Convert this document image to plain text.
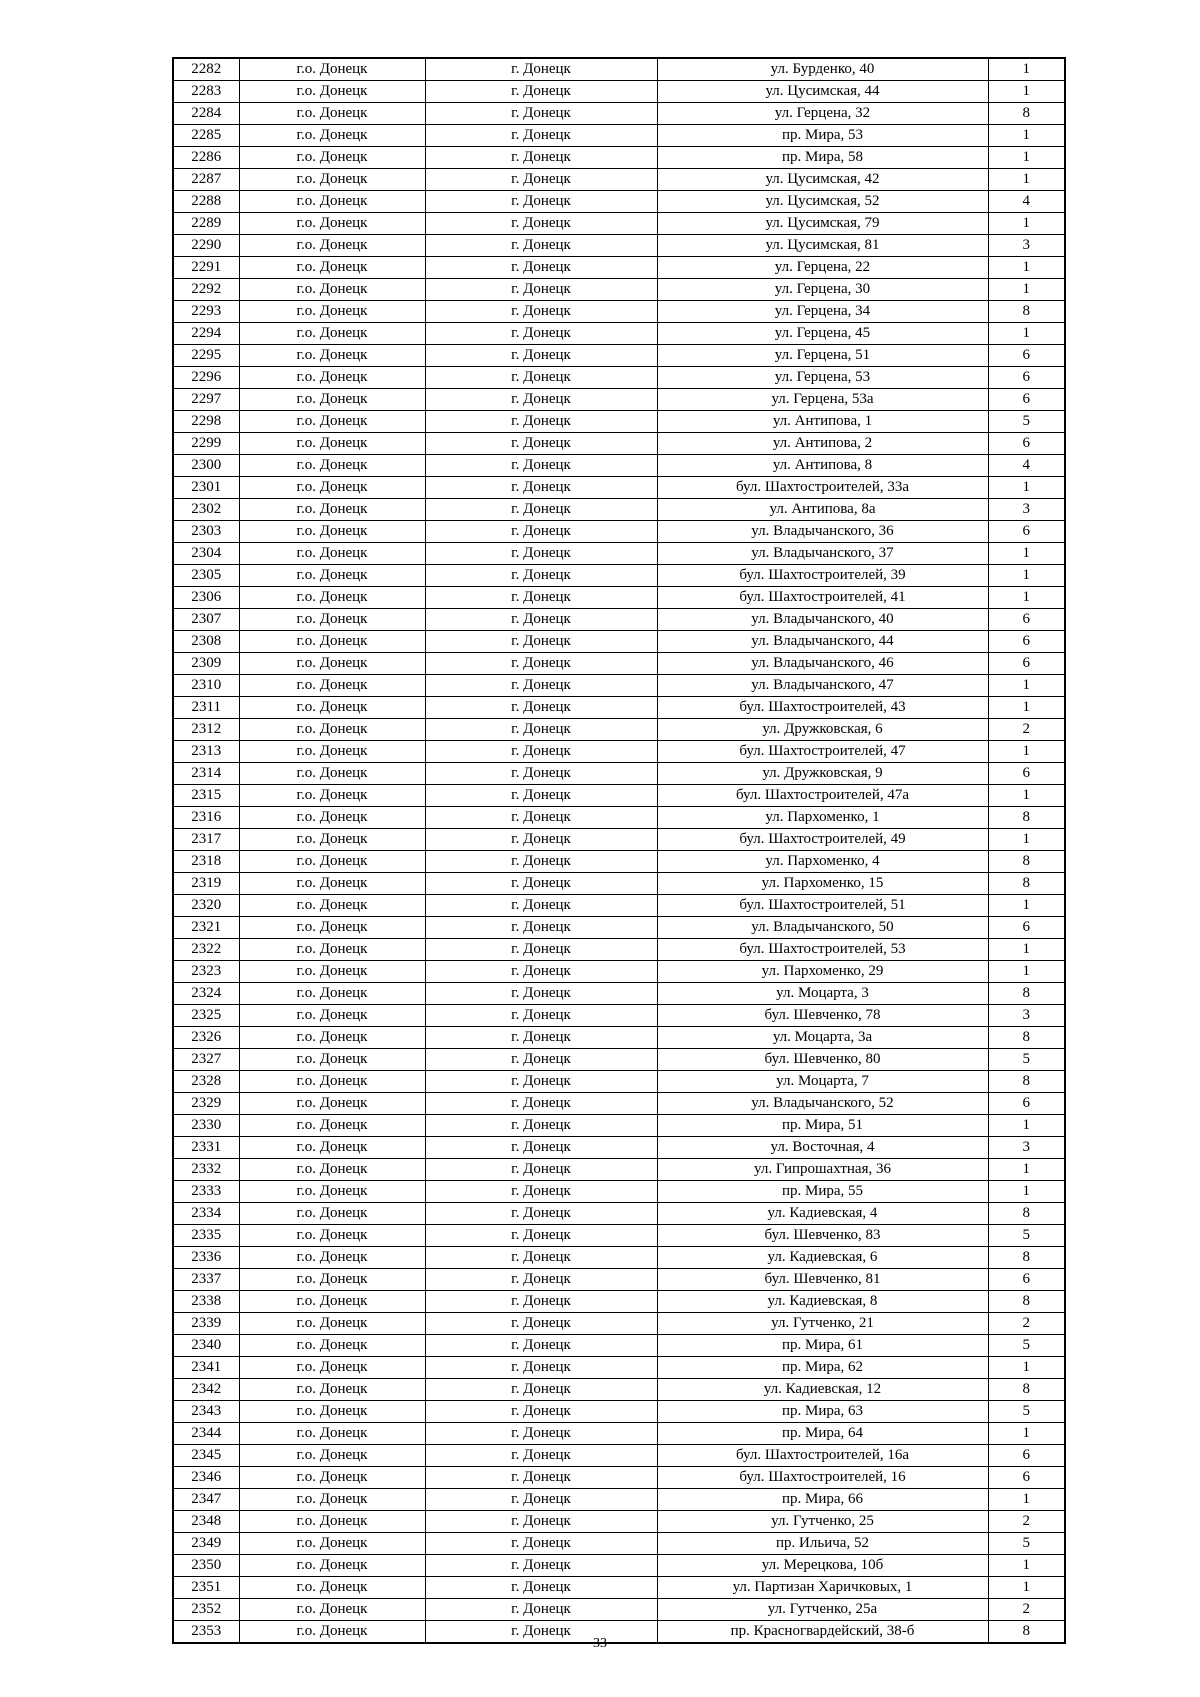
2282	г.о. Донецк	г. Донецк	ул. Бурденко, 40	1
2283	г.о. Донецк	г. Донецк	ул. Цусимская, 44	1
2284	г.о. Донецк	г. Донецк	ул. Герцена, 32	8
2285	г.о. Донецк	г. Донецк	пр. Мира, 53	1
2286	г.о. Донецк	г. Донецк	пр. Мира, 58	1
2287	г.о. Донецк	г. Донецк	ул. Цусимская, 42	1
2288	г.о. Донецк	г. Донецк	ул. Цусимская, 52	4
2289	г.о. Донецк	г. Донецк	ул. Цусимская, 79	1
2290	г.о. Донецк	г. Донецк	ул. Цусимская, 81	3
2291	г.о. Донецк	г. Донецк	ул. Герцена, 22	1
2292	г.о. Донецк	г. Донецк	ул. Герцена, 30	1
2293	г.о. Донецк	г. Донецк	ул. Герцена, 34	8
2294	г.о. Донецк	г. Донецк	ул. Герцена, 45	1
2295	г.о. Донецк	г. Донецк	ул. Герцена, 51	6
2296	г.о. Донецк	г. Донецк	ул. Герцена, 53	6
2297	г.о. Донецк	г. Донецк	ул. Герцена, 53а	6
2298	г.о. Донецк	г. Донецк	ул. Антипова, 1	5
2299	г.о. Донецк	г. Донецк	ул. Антипова, 2	6
2300	г.о. Донецк	г. Донецк	ул. Антипова, 8	4
2301	г.о. Донецк	г. Донецк	бул. Шахтостроителей, 33а	1
2302	г.о. Донецк	г. Донецк	ул. Антипова, 8а	3
2303	г.о. Донецк	г. Донецк	ул. Владычанского, 36	6
2304	г.о. Донецк	г. Донецк	ул. Владычанского, 37	1
2305	г.о. Донецк	г. Донецк	бул. Шахтостроителей, 39	1
2306	г.о. Донецк	г. Донецк	бул. Шахтостроителей, 41	1
2307	г.о. Донецк	г. Донецк	ул. Владычанского, 40	6
2308	г.о. Донецк	г. Донецк	ул. Владычанского, 44	6
2309	г.о. Донецк	г. Донецк	ул. Владычанского, 46	6
2310	г.о. Донецк	г. Донецк	ул. Владычанского, 47	1
2311	г.о. Донецк	г. Донецк	бул. Шахтостроителей, 43	1
2312	г.о. Донецк	г. Донецк	ул. Дружковская, 6	2
2313	г.о. Донецк	г. Донецк	бул. Шахтостроителей, 47	1
2314	г.о. Донецк	г. Донецк	ул. Дружковская, 9	6
2315	г.о. Донецк	г. Донецк	бул. Шахтостроителей, 47а	1
2316	г.о. Донецк	г. Донецк	ул. Пархоменко, 1	8
2317	г.о. Донецк	г. Донецк	бул. Шахтостроителей, 49	1
2318	г.о. Донецк	г. Донецк	ул. Пархоменко, 4	8
2319	г.о. Донецк	г. Донецк	ул. Пархоменко, 15	8
2320	г.о. Донецк	г. Донецк	бул. Шахтостроителей, 51	1
2321	г.о. Донецк	г. Донецк	ул. Владычанского, 50	6
2322	г.о. Донецк	г. Донецк	бул. Шахтостроителей, 53	1
2323	г.о. Донецк	г. Донецк	ул. Пархоменко, 29	1
2324	г.о. Донецк	г. Донецк	ул. Моцарта, 3	8
2325	г.о. Донецк	г. Донецк	бул. Шевченко, 78	3
2326	г.о. Донецк	г. Донецк	ул. Моцарта, 3а	8
2327	г.о. Донецк	г. Донецк	бул. Шевченко, 80	5
2328	г.о. Донецк	г. Донецк	ул. Моцарта, 7	8
2329	г.о. Донецк	г. Донецк	ул. Владычанского, 52	6
2330	г.о. Донецк	г. Донецк	пр. Мира, 51	1
2331	г.о. Донецк	г. Донецк	ул. Восточная, 4	3
2332	г.о. Донецк	г. Донецк	ул. Гипрошахтная, 36	1
2333	г.о. Донецк	г. Донецк	пр. Мира, 55	1
2334	г.о. Донецк	г. Донецк	ул. Кадиевская, 4	8
2335	г.о. Донецк	г. Донецк	бул. Шевченко, 83	5
2336	г.о. Донецк	г. Донецк	ул. Кадиевская, 6	8
2337	г.о. Донецк	г. Донецк	бул. Шевченко, 81	6
2338	г.о. Донецк	г. Донецк	ул. Кадиевская, 8	8
2339	г.о. Донецк	г. Донецк	ул. Гутченко, 21	2
2340	г.о. Донецк	г. Донецк	пр. Мира, 61	5
2341	г.о. Донецк	г. Донецк	пр. Мира, 62	1
2342	г.о. Донецк	г. Донецк	ул. Кадиевская, 12	8
2343	г.о. Донецк	г. Донецк	пр. Мира, 63	5
2344	г.о. Донецк	г. Донецк	пр. Мира, 64	1
2345	г.о. Донецк	г. Донецк	бул. Шахтостроителей, 16а	6
2346	г.о. Донецк	г. Донецк	бул. Шахтостроителей, 16	6
2347	г.о. Донецк	г. Донецк	пр. Мира, 66	1
2348	г.о. Донецк	г. Донецк	ул. Гутченко, 25	2
2349	г.о. Донецк	г. Донецк	пр. Ильича, 52	5
2350	г.о. Донецк	г. Донецк	ул. Мерецкова, 10б	1
2351	г.о. Донецк	г. Донецк	ул. Партизан Харичковых, 1	1
2352	г.о. Донецк	г. Донецк	ул. Гутченко, 25а	2
2353	г.о. Донецк	г. Донецк	пр. Красногвардейский, 38-б	8
33
